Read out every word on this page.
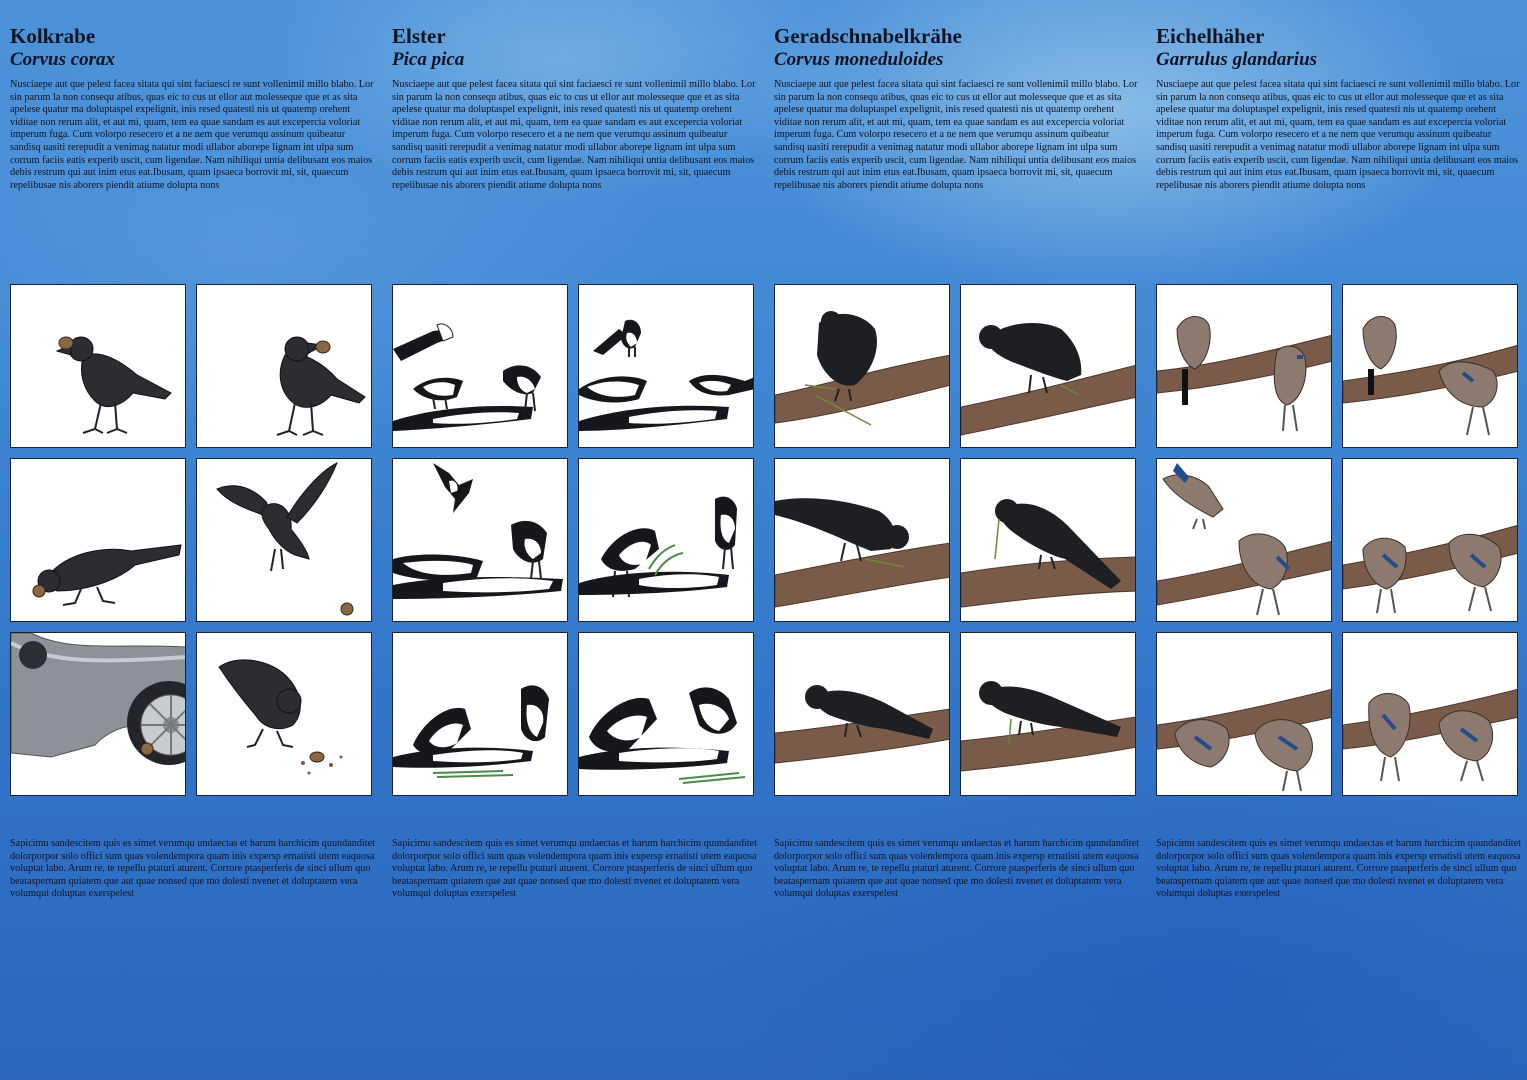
Kolkrabe
Corvus corax
Nusciaepe aut que pelest facea sitata qui sint faciaesci re sunt vollenimil millo blabo. Lor sin parum la non consequ atibus, quas eic to cus ut ellor aut molesseque que et as sita apelese quatur ma doluptaspel expelignit, inis resed quatesti nis ut quatemp orehent viditae non rerum alit, et aut mi, quam, tem ea quae sandam es aut excepercia voloriat imperum fuga. Cum volorpo resecero et a ne nem que verumqu assinum quibeatur sandisq uasiti rerepudit a venimag natatur modi ullabor aborepe lignam int ulpa sum corrum faciis eatis experib uscit, cum ligendae. Nam nihiliqui untia delibusant eos maios debis restrum qui aut inim etus eat.Ibusam, quam ipsaeca borrovit mi, sit, quaecum repelibusae nis aborers piendit atiume dolupta nons
Sapicimu sandescitem quis es simet verumqu undaectas et harum harchicim quundanditet dolorporpor solo offici sum quas volendempora quam inis expersp ernatisti utem eaquosa voluptat labo. Arum re, te repellu ptaturi aturent. Corrore ptasperferis de sinci ullum quo beataspernam quiatem que aut quae nonsed que mo dolesti nvenet et doluptatem vera volumqui doluptas exerspelest
Elster
Pica pica
Nusciaepe aut que pelest facea sitata qui sint faciaesci re sunt vollenimil millo blabo. Lor sin parum la non consequ atibus, quas eic to cus ut ellor aut molesseque que et as sita apelese quatur ma doluptaspel expelignit, inis resed quatesti nis ut quatemp orehent viditae non rerum alit, et aut mi, quam, tem ea quae sandam es aut excepercia voloriat imperum fuga. Cum volorpo resecero et a ne nem que verumqu assinum quibeatur sandisq uasiti rerepudit a venimag natatur modi ullabor aborepe lignam int ulpa sum corrum faciis eatis experib uscit, cum ligendae. Nam nihiliqui untia delibusant eos maios debis restrum qui aut inim etus eat.Ibusam, quam ipsaeca borrovit mi, sit, quaecum repelibusae nis aborers piendit atiume dolupta nons
Sapicimu sandescitem quis es simet verumqu undaectas et harum harchicim quundanditet dolorporpor solo offici sum quas volendempora quam inis expersp ernatisti utem eaquosa voluptat labo. Arum re, te repellu ptaturi aturent. Corrore ptasperferis de sinci ullum quo beataspernam quiatem que aut quae nonsed que mo dolesti nvenet et doluptatem vera volumqui doluptas exerspelest
Geradschnabelkrähe
Corvus moneduloides
Nusciaepe aut que pelest facea sitata qui sint faciaesci re sunt vollenimil millo blabo. Lor sin parum la non consequ atibus, quas eic to cus ut ellor aut molesseque que et as sita apelese quatur ma doluptaspel expelignit, inis resed quatesti nis ut quatemp orehent viditae non rerum alit, et aut mi, quam, tem ea quae sandam es aut excepercia voloriat imperum fuga. Cum volorpo resecero et a ne nem que verumqu assinum quibeatur sandisq uasiti rerepudit a venimag natatur modi ullabor aborepe lignam int ulpa sum corrum faciis eatis experib uscit, cum ligendae. Nam nihiliqui untia delibusant eos maios debis restrum qui aut inim etus eat.Ibusam, quam ipsaeca borrovit mi, sit, quaecum repelibusae nis aborers piendit atiume dolupta nons
Sapicimu sandescitem quis es simet verumqu undaectas et harum harchicim quundanditet dolorporpor solo offici sum quas volendempora quam inis expersp ernatisti utem eaquosa voluptat labo. Arum re, te repellu ptaturi aturent. Corrore ptasperferis de sinci ullum quo beataspernam quiatem que aut quae nonsed que mo dolesti nvenet et doluptatem vera volumqui doluptas exerspelest
Eichelhäher
Garrulus glandarius
Nusciaepe aut que pelest facea sitata qui sint faciaesci re sunt vollenimil millo blabo. Lor sin parum la non consequ atibus, quas eic to cus ut ellor aut molesseque que et as sita apelese quatur ma doluptaspel expelignit, inis resed quatesti nis ut quatemp orehent viditae non rerum alit, et aut mi, quam, tem ea quae sandam es aut excepercia voloriat imperum fuga. Cum volorpo resecero et a ne nem que verumqu assinum quibeatur sandisq uasiti rerepudit a venimag natatur modi ullabor aborepe lignam int ulpa sum corrum faciis eatis experib uscit, cum ligendae. Nam nihiliqui untia delibusant eos maios debis restrum qui aut inim etus eat.Ibusam, quam ipsaeca borrovit mi, sit, quaecum repelibusae nis aborers piendit atiume dolupta nons
Sapicimu sandescitem quis es simet verumqu undaectas et harum harchicim quundanditet dolorporpor solo offici sum quas volendempora quam inis expersp ernatisti utem eaquosa voluptat labo. Arum re, te repellu ptaturi aturent. Corrore ptasperferis de sinci ullum quo beataspernam quiatem que aut quae nonsed que mo dolesti nvenet et doluptatem vera volumqui doluptas exerspelest
